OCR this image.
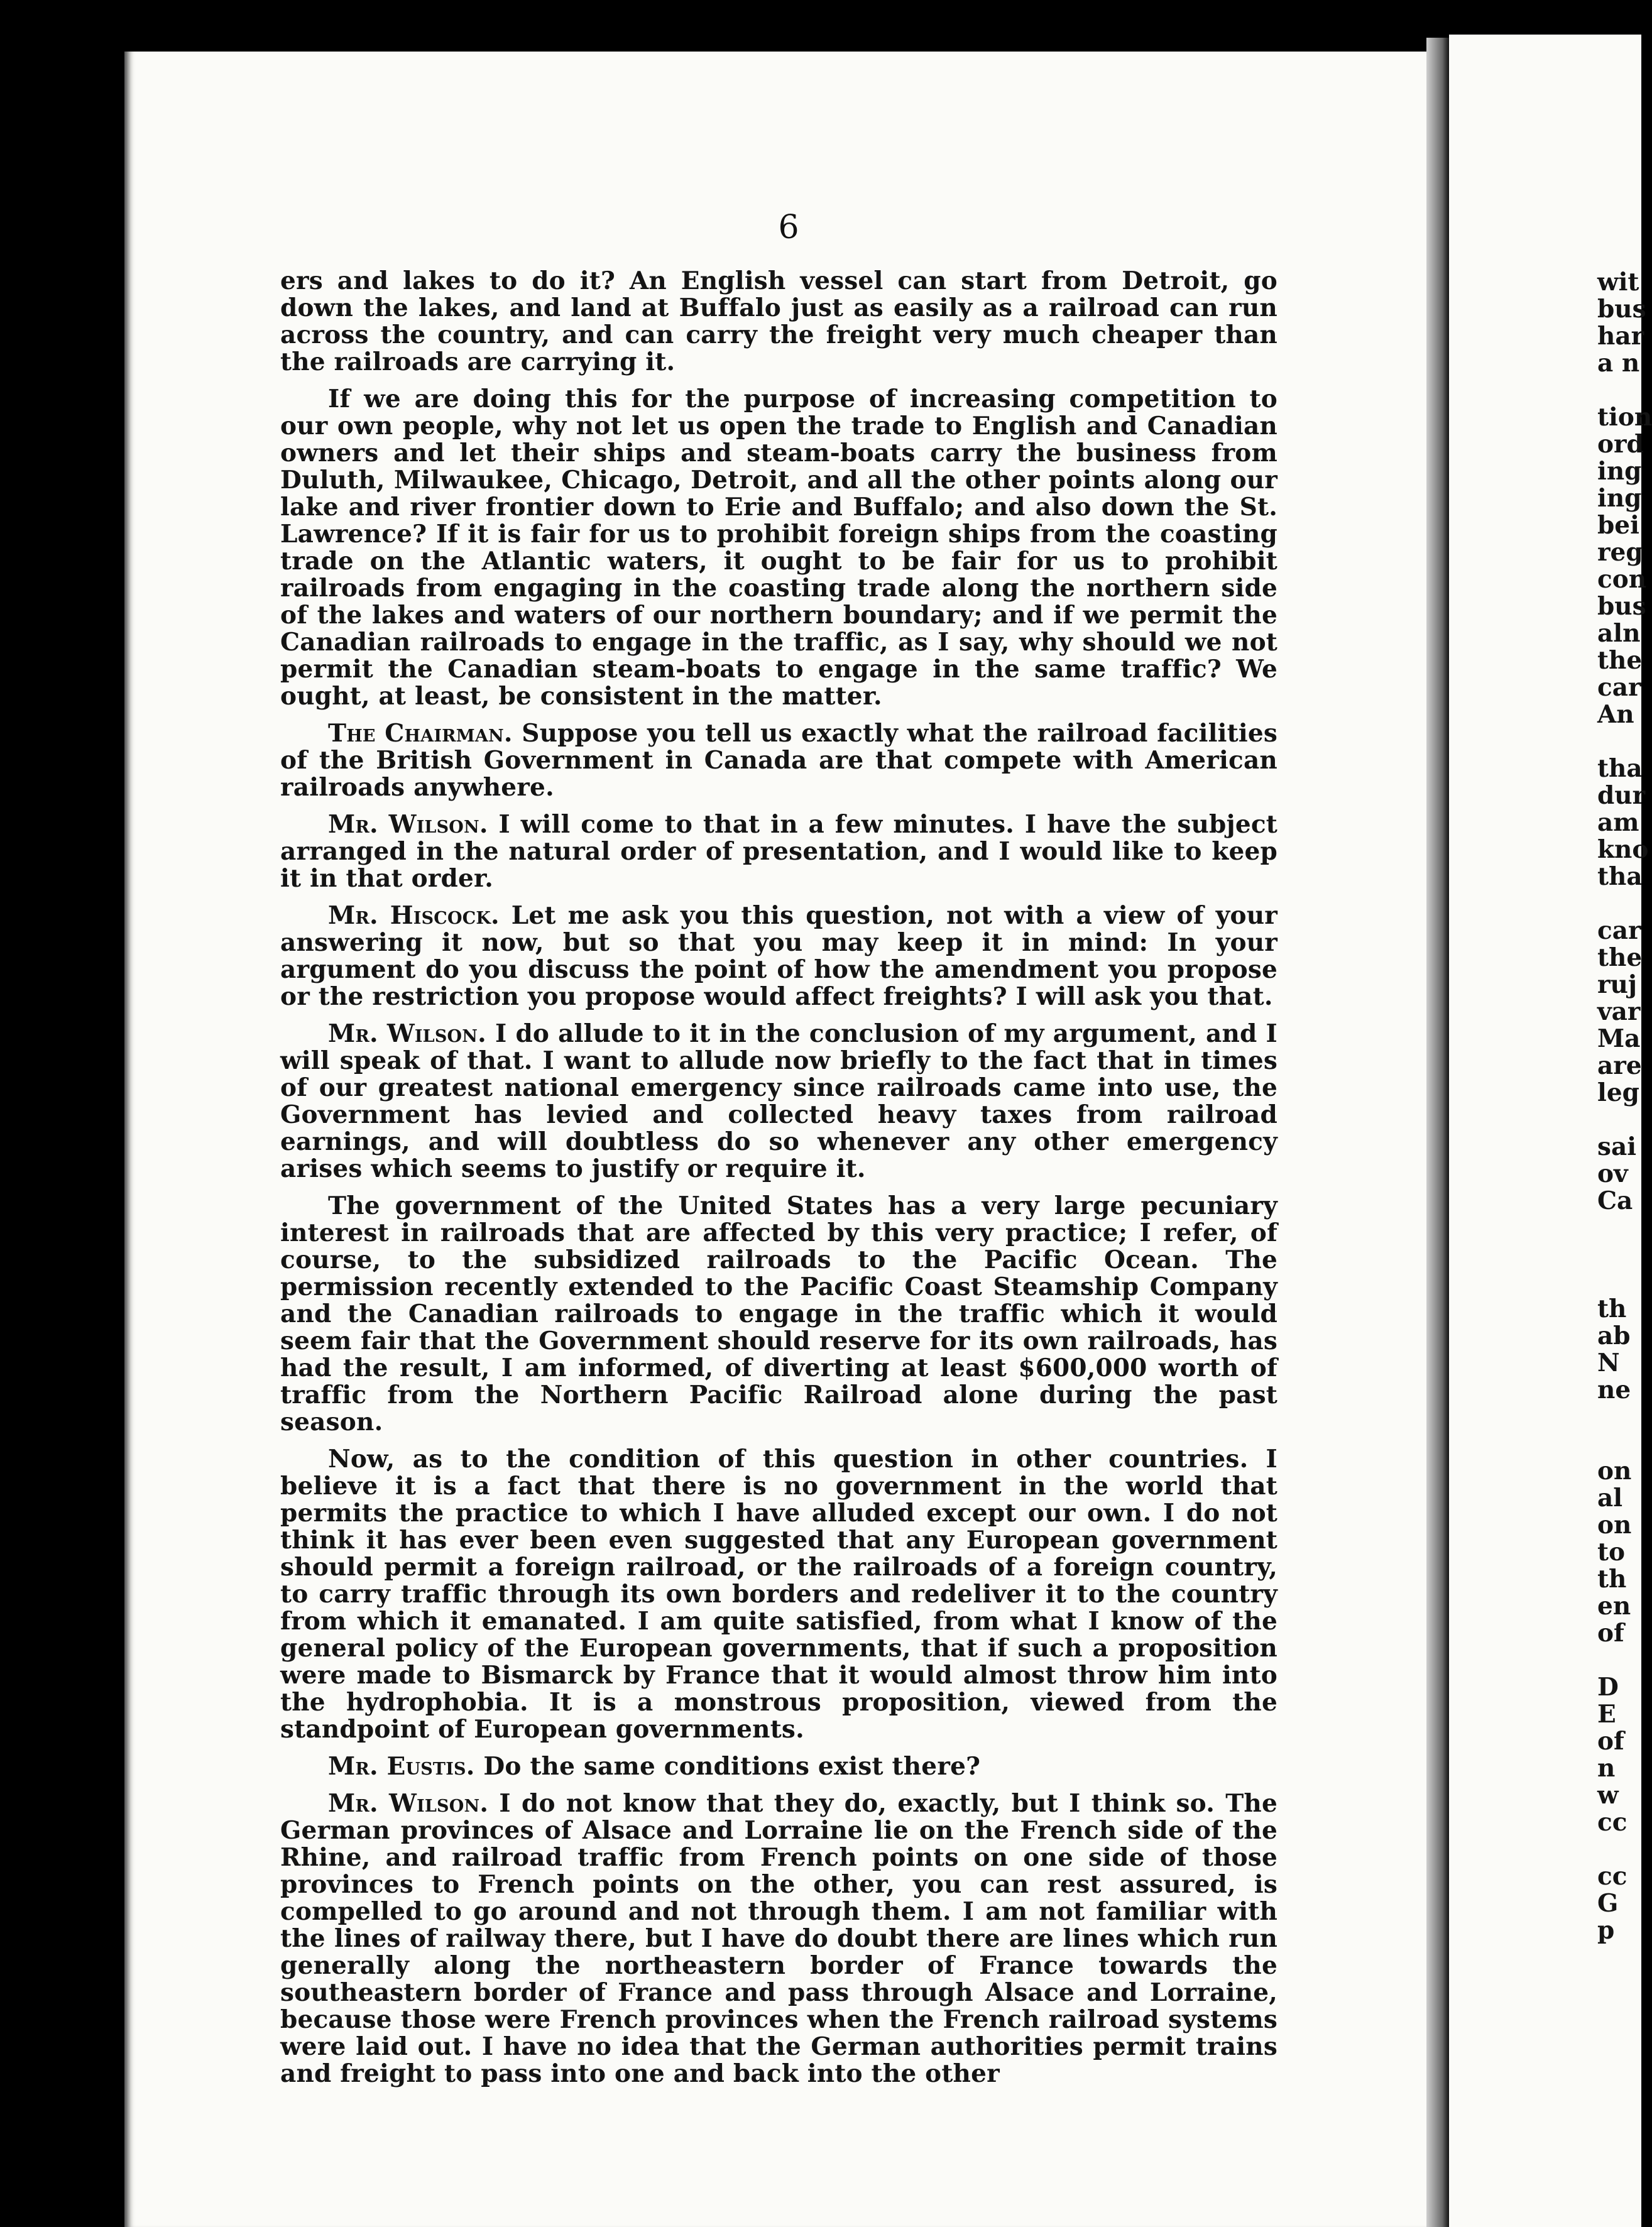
6

ers and lakes to do it? An English vessel can start from Detroit, go down the lakes, and land at Buffalo just as easily as a railroad can run across the country, and can carry the freight very much cheaper than the railroads are carrying it.

If we are doing this for the purpose of increasing competition to our own people, why not let us open the trade to English and Canadian owners and let their ships and steam-boats carry the business from Duluth, Milwaukee, Chicago, Detroit, and all the other points along our lake and river frontier down to Erie and Buffalo; and also down the St. Lawrence? If it is fair for us to prohibit foreign ships from the coasting trade on the Atlantic waters, it ought to be fair for us to prohibit railroads from engaging in the coasting trade along the northern side of the lakes and waters of our northern boundary; and if we permit the Canadian railroads to engage in the traffic, as I say, why should we not permit the Canadian steam-boats to engage in the same traffic? We ought, at least, be consistent in the matter.

The Chairman. Suppose you tell us exactly what the railroad facilities of the British Government in Canada are that compete with American railroads anywhere.

Mr. Wilson. I will come to that in a few minutes. I have the subject arranged in the natural order of presentation, and I would like to keep it in that order.

Mr. Hiscock. Let me ask you this question, not with a view of your answering it now, but so that you may keep it in mind: In your argument do you discuss the point of how the amendment you propose or the restriction you propose would affect freights? I will ask you that.

Mr. Wilson. I do allude to it in the conclusion of my argument, and I will speak of that. I want to allude now briefly to the fact that in times of our greatest national emergency since railroads came into use, the Government has levied and collected heavy taxes from railroad earnings, and will doubtless do so whenever any other emergency arises which seems to justify or require it.

The government of the United States has a very large pecuniary interest in railroads that are affected by this very practice; I refer, of course, to the subsidized railroads to the Pacific Ocean. The permission recently extended to the Pacific Coast Steamship Company and the Canadian railroads to engage in the traffic which it would seem fair that the Government should reserve for its own railroads, has had the result, I am informed, of diverting at least $600,000 worth of traffic from the Northern Pacific Railroad alone during the past season.

Now, as to the condition of this question in other countries. I believe it is a fact that there is no government in the world that permits the practice to which I have alluded except our own. I do not think it has ever been even suggested that any European government should permit a foreign railroad, or the railroads of a foreign country, to carry traffic through its own borders and redeliver it to the country from which it emanated. I am quite satisfied, from what I know of the general policy of the European governments, that if such a proposition were made to Bismarck by France that it would almost throw him into the hydrophobia. It is a monstrous proposition, viewed from the standpoint of European governments.

Mr. Eustis. Do the same conditions exist there?

Mr. Wilson. I do not know that they do, exactly, but I think so. The German provinces of Alsace and Lorraine lie on the French side of the Rhine, and railroad traffic from French points on one side of those provinces to French points on the other, you can rest assured, is compelled to go around and not through them. I am not familiar with the lines of railway there, but I have do doubt there are lines which run generally along the northeastern border of France towards the southeastern border of France and pass through Alsace and Lorraine, because those were French provinces when the French railroad systems were laid out. I have no idea that the German authorities permit trains and freight to pass into one and back into the other

wit
bus
har
a n
tion
ord
ing
ing
bei
reg
con
bus
aln
the
car
An
tha
dur
am
kno
tha
car
the
ruj
var
Ma
are
leg
sai
ov
Ca
th
ab
N
ne
on
al
on
to
th
en
of
D
E
of
n
w
cc
cc
G
p
